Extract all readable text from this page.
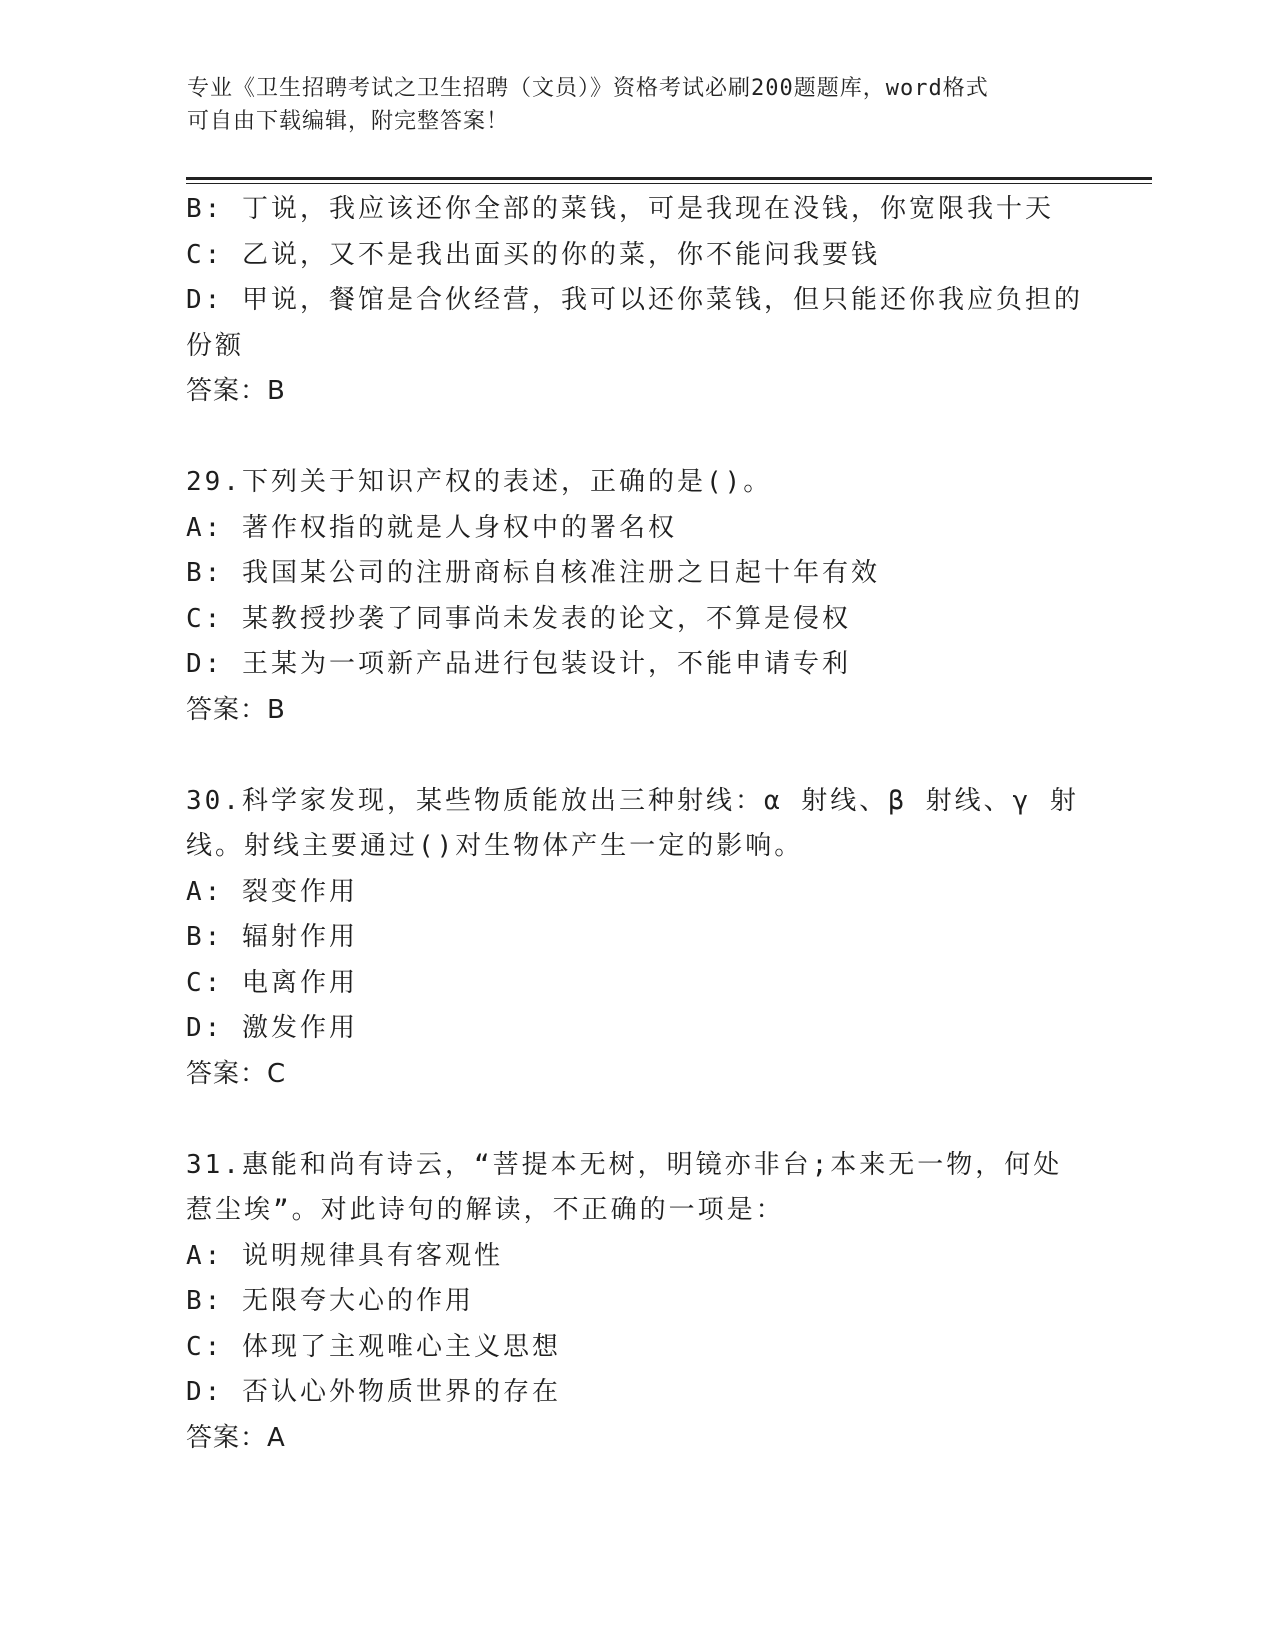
专业《卫生招聘考试之卫生招聘（文员）》资格考试必刷200题题库，word格式
可自由下载编辑，附完整答案！
B: 丁说，我应该还你全部的菜钱，可是我现在没钱，你宽限我十天
C: 乙说，又不是我出面买的你的菜，你不能问我要钱
D: 甲说，餐馆是合伙经营，我可以还你菜钱，但只能还你我应负担的
份额
答案：B
29.下列关于知识产权的表述，正确的是()。
A: 著作权指的就是人身权中的署名权
B: 我国某公司的注册商标自核准注册之日起十年有效
C: 某教授抄袭了同事尚未发表的论文，不算是侵权
D: 王某为一项新产品进行包装设计，不能申请专利
答案：B
30.科学家发现，某些物质能放出三种射线：α 射线、β 射线、γ 射
线。射线主要通过()对生物体产生一定的影响。
A: 裂变作用
B: 辐射作用
C: 电离作用
D: 激发作用
答案：C
31.惠能和尚有诗云，“菩提本无树，明镜亦非台;本来无一物，何处
惹尘埃”。对此诗句的解读，不正确的一项是：
A: 说明规律具有客观性
B: 无限夸大心的作用
C: 体现了主观唯心主义思想
D: 否认心外物质世界的存在
答案：A
